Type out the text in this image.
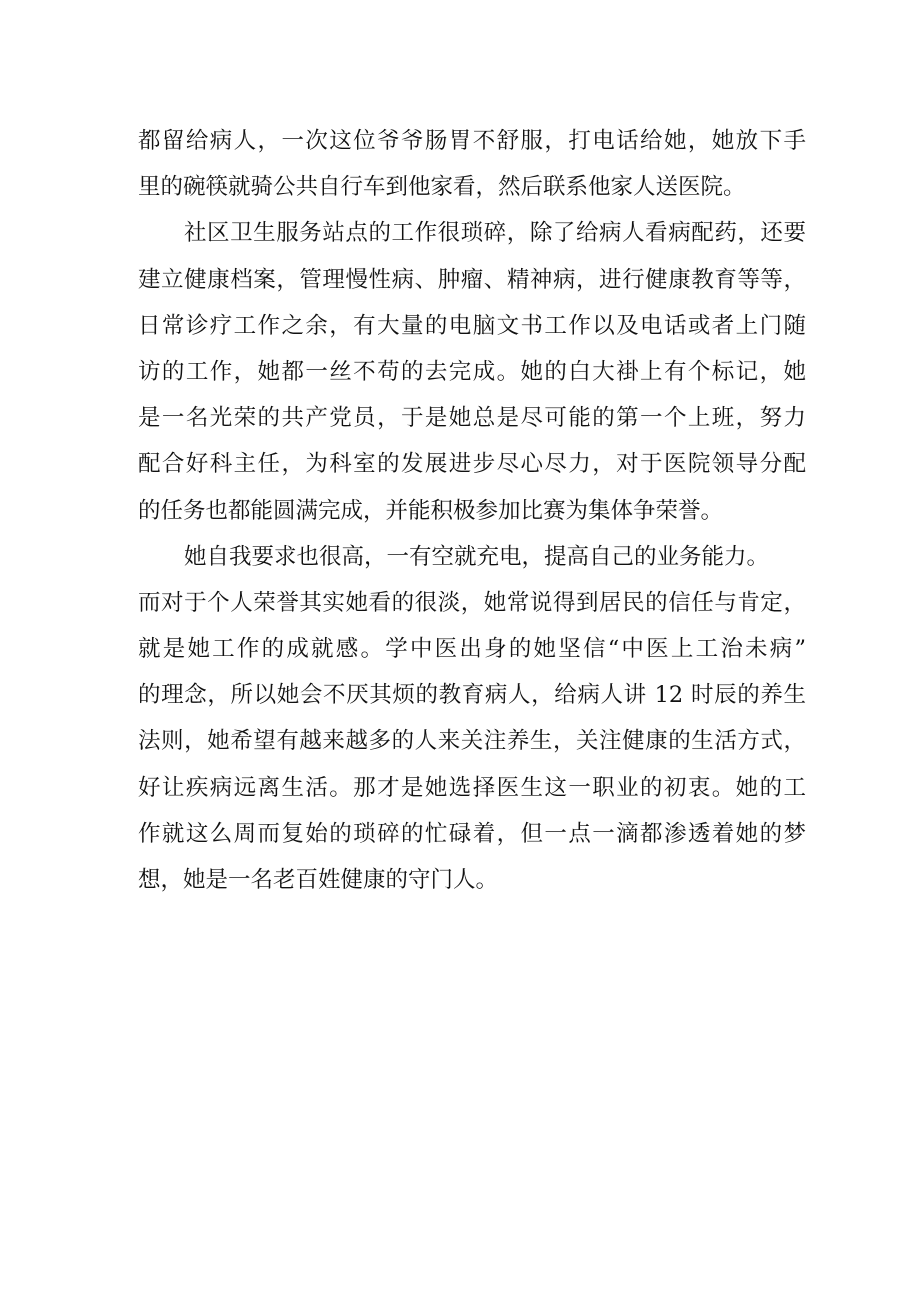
都留给病人，一次这位爷爷肠胃不舒服，打电话给她，她放下手
里的碗筷就骑公共自行车到他家看，然后联系他家人送医院。
社区卫生服务站点的工作很琐碎，除了给病人看病配药，还要
建立健康档案，管理慢性病、肿瘤、精神病，进行健康教育等等，
日常诊疗工作之余，有大量的电脑文书工作以及电话或者上门随
访的工作，她都一丝不苟的去完成。她的白大褂上有个标记，她
是一名光荣的共产党员，于是她总是尽可能的第一个上班，努力
配合好科主任，为科室的发展进步尽心尽力，对于医院领导分配
的任务也都能圆满完成，并能积极参加比赛为集体争荣誉。
她自我要求也很高，一有空就充电，提高自己的业务能力。
而对于个人荣誉其实她看的很淡，她常说得到居民的信任与肯定，
就是她工作的成就感。学中医出身的她坚信“中医上工治未病”
的理念，所以她会不厌其烦的教育病人，给病人讲 12 时辰的养生
法则，她希望有越来越多的人来关注养生，关注健康的生活方式，
好让疾病远离生活。那才是她选择医生这一职业的初衷。她的工
作就这么周而复始的琐碎的忙碌着，但一点一滴都渗透着她的梦
想，她是一名老百姓健康的守门人。
